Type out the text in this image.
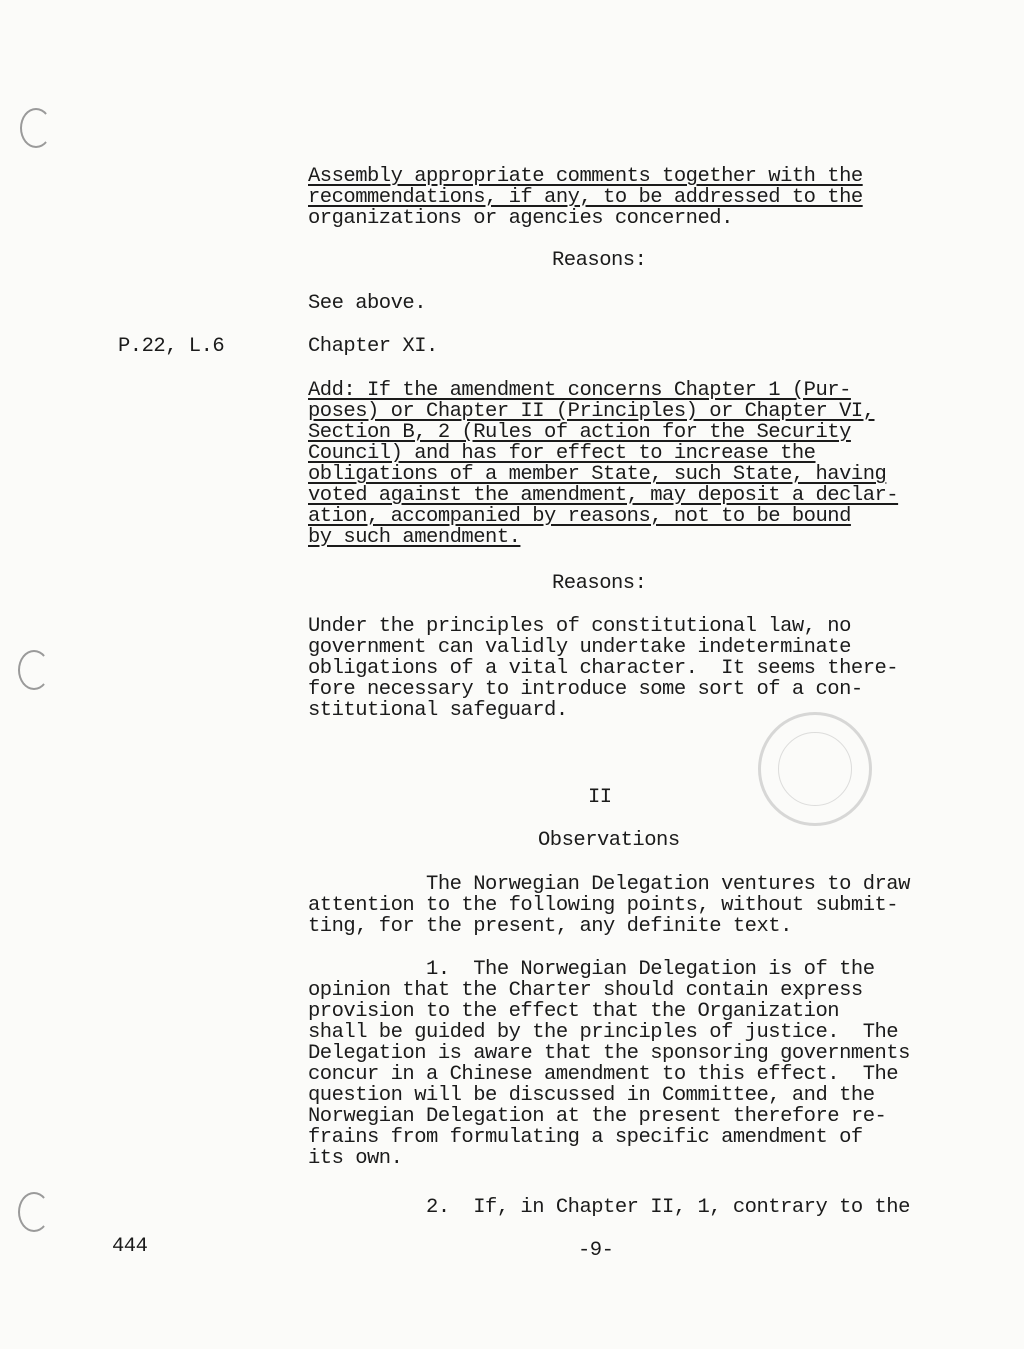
Assembly appropriate comments together with the
recommendations, if any, to be addressed to the
organizations or agencies concerned.
Reasons:
See above.
P.22, L.6	Chapter XI.
Add: If the amendment concerns Chapter 1 (Pur-
poses) or Chapter II (Principles) or Chapter VI,
Section B, 2 (Rules of action for the Security
Council) and has for effect to increase the
obligations of a member State, such State, having
voted against the amendment, may deposit a declar-
ation, accompanied by reasons, not to be bound
by such amendment.
Reasons:
Under the principles of constitutional law, no
government can validly undertake indeterminate
obligations of a vital character.  It seems there-
fore necessary to introduce some sort of a con-
stitutional safeguard.
II
Observations
The Norwegian Delegation ventures to draw
attention to the following points, without submit-
ting, for the present, any definite text.
1.  The Norwegian Delegation is of the
opinion that the Charter should contain express
provision to the effect that the Organization
shall be guided by the principles of justice.  The
Delegation is aware that the sponsoring governments
concur in a Chinese amendment to this effect.  The
question will be discussed in Committee, and the
Norwegian Delegation at the present therefore re-
frains from formulating a specific amendment of
its own.
2.  If, in Chapter II, 1, contrary to the
444	-9-
